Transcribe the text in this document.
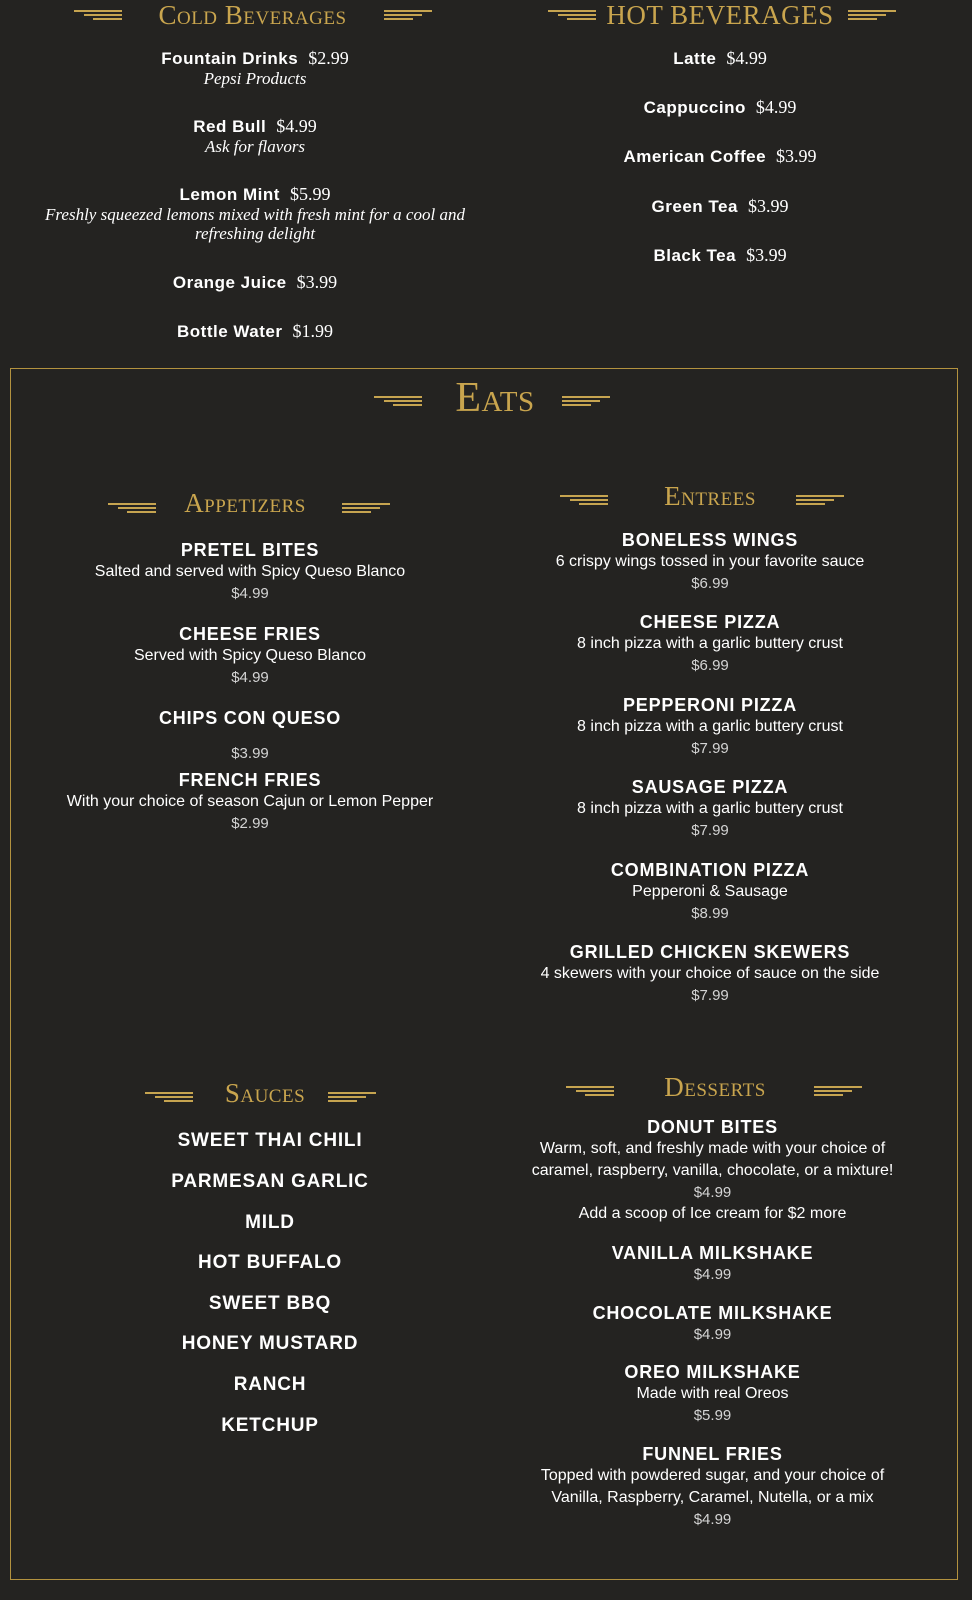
Cold Beverages
Fountain Drinks $2.99
Pepsi Products
Red Bull $4.99
Ask for flavors
Lemon Mint $5.99
Freshly squeezed lemons mixed with fresh mint for a cool and refreshing delight
Orange Juice $3.99
Bottle Water $1.99
HOT BEVERAGES
Latte $4.99
Cappuccino $4.99
American Coffee $3.99
Green Tea $3.99
Black Tea $3.99
Eats
Appetizers
PRETEL BITES
Salted and served with Spicy Queso Blanco
$4.99
CHEESE FRIES
Served with Spicy Queso Blanco
$4.99
CHIPS CON QUESO
$3.99
FRENCH FRIES
With your choice of season Cajun or Lemon Pepper
$2.99
Entrees
BONELESS WINGS
6 crispy wings tossed in your favorite sauce
$6.99
CHEESE PIZZA
8 inch pizza with a garlic buttery crust
$6.99
PEPPERONI PIZZA
8 inch pizza with a garlic buttery crust
$7.99
SAUSAGE PIZZA
8 inch pizza with a garlic buttery crust
$7.99
COMBINATION PIZZA
Pepperoni & Sausage
$8.99
GRILLED CHICKEN SKEWERS
4 skewers with your choice of sauce on the side
$7.99
Sauces
SWEET THAI CHILI
PARMESAN GARLIC
MILD
HOT BUFFALO
SWEET BBQ
HONEY MUSTARD
RANCH
KETCHUP
Desserts
DONUT BITES
Warm, soft, and freshly made with your choice of caramel, raspberry, vanilla, chocolate, or a mixture!
$4.99
Add a scoop of Ice cream for $2 more
VANILLA MILKSHAKE
$4.99
CHOCOLATE MILKSHAKE
$4.99
OREO MILKSHAKE
Made with real Oreos
$5.99
FUNNEL FRIES
Topped with powdered sugar, and your choice of Vanilla, Raspberry, Caramel, Nutella, or a mix
$4.99
